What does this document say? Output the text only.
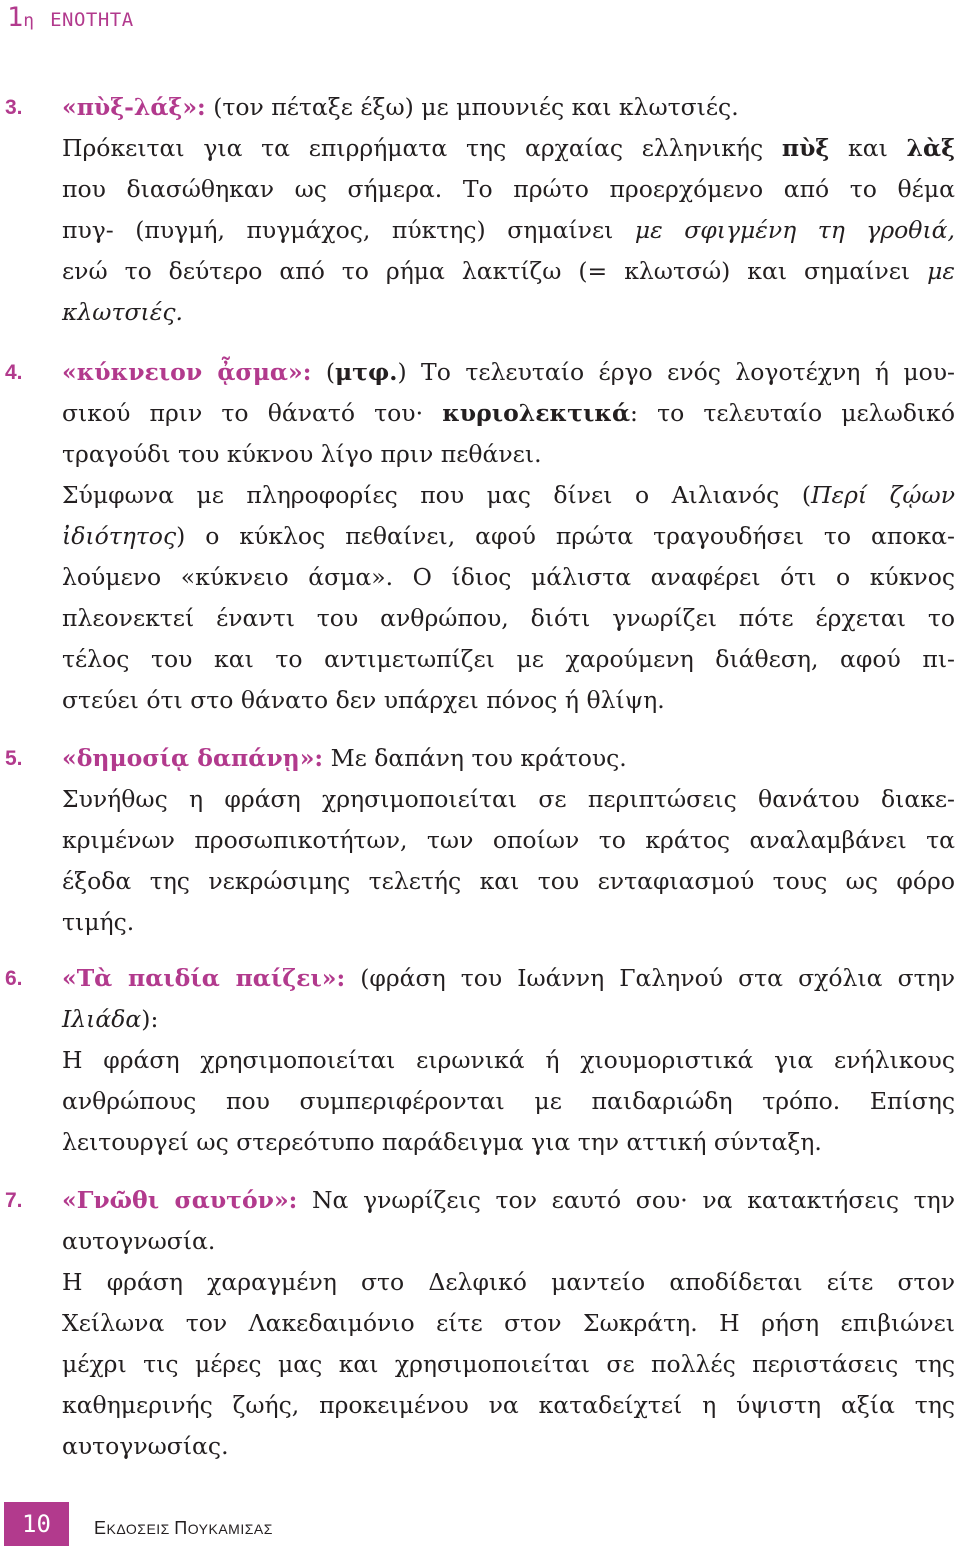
1η ΕΝΟΤΗΤΑ
3.	«πὺξ-λάξ»: (τον πέταξε έξω) με μπουνιές και κλωτσιές.
Πρόκειται για τα επιρρήματα της αρχαίας ελληνικής πὺξ και λὰξ
που διασώθηκαν ως σήμερα. Το πρώτο προερχόμενο από το θέμα
πυγ- (πυγμή, πυγμάχος, πύκτης) σημαίνει με σφιγμένη τη γροθιά,
ενώ το δεύτερο από το ρήμα λακτίζω (= κλωτσώ) και σημαίνει με
κλωτσιές.
4.	«κύκνειον ᾆσμα»: (μτφ.) Το τελευταίο έργο ενός λογοτέχνη ή μου-
σικού πριν το θάνατό του· κυριολεκτικά: το τελευταίο μελωδικό
τραγούδι του κύκνου λίγο πριν πεθάνει.
Σύμφωνα με πληροφορίες που μας δίνει ο Αιλιανός (Περί ζῴων
ἰδιότητος) ο κύκλος πεθαίνει, αφού πρώτα τραγουδήσει το αποκα-
λούμενο «κύκνειο άσμα». Ο ίδιος μάλιστα αναφέρει ότι ο κύκνος
πλεονεκτεί έναντι του ανθρώπου, διότι γνωρίζει πότε έρχεται το
τέλος του και το αντιμετωπίζει με χαρούμενη διάθεση, αφού πι-
στεύει ότι στο θάνατο δεν υπάρχει πόνος ή θλίψη.
5.	«δημοσίᾳ δαπάνῃ»: Με δαπάνη του κράτους.
Συνήθως η φράση χρησιμοποιείται σε περιπτώσεις θανάτου διακε-
κριμένων προσωπικοτήτων, των οποίων το κράτος αναλαμβάνει τα
έξοδα της νεκρώσιμης τελετής και του ενταφιασμού τους ως φόρο
τιμής.
6.	«Τὰ παιδία παίζει»: (φράση του Ιωάννη Γαληνού στα σχόλια στην
Ιλιάδα):
Η φράση χρησιμοποιείται ειρωνικά ή χιουμοριστικά για ενήλικους
ανθρώπους που συμπεριφέρονται με παιδαριώδη τρόπο. Επίσης
λειτουργεί ως στερεότυπο παράδειγμα για την αττική σύνταξη.
7.	«Γνῶθι σαυτόν»: Να γνωρίζεις τον εαυτό σου· να κατακτήσεις την
αυτογνωσία.
Η φράση χαραγμένη στο Δελφικό μαντείο αποδίδεται είτε στον
Χείλωνα τον Λακεδαιμόνιο είτε στον Σωκράτη. Η ρήση επιβιώνει
μέχρι τις μέρες μας και χρησιμοποιείται σε πολλές περιστάσεις της
καθημερινής ζωής, προκειμένου να καταδείχτεί η ύψιστη αξία της
αυτογνωσίας.
10	ΕΚΔΟΣΕΙΣ ΠΟΥΚΑΜΙΣΑΣ
